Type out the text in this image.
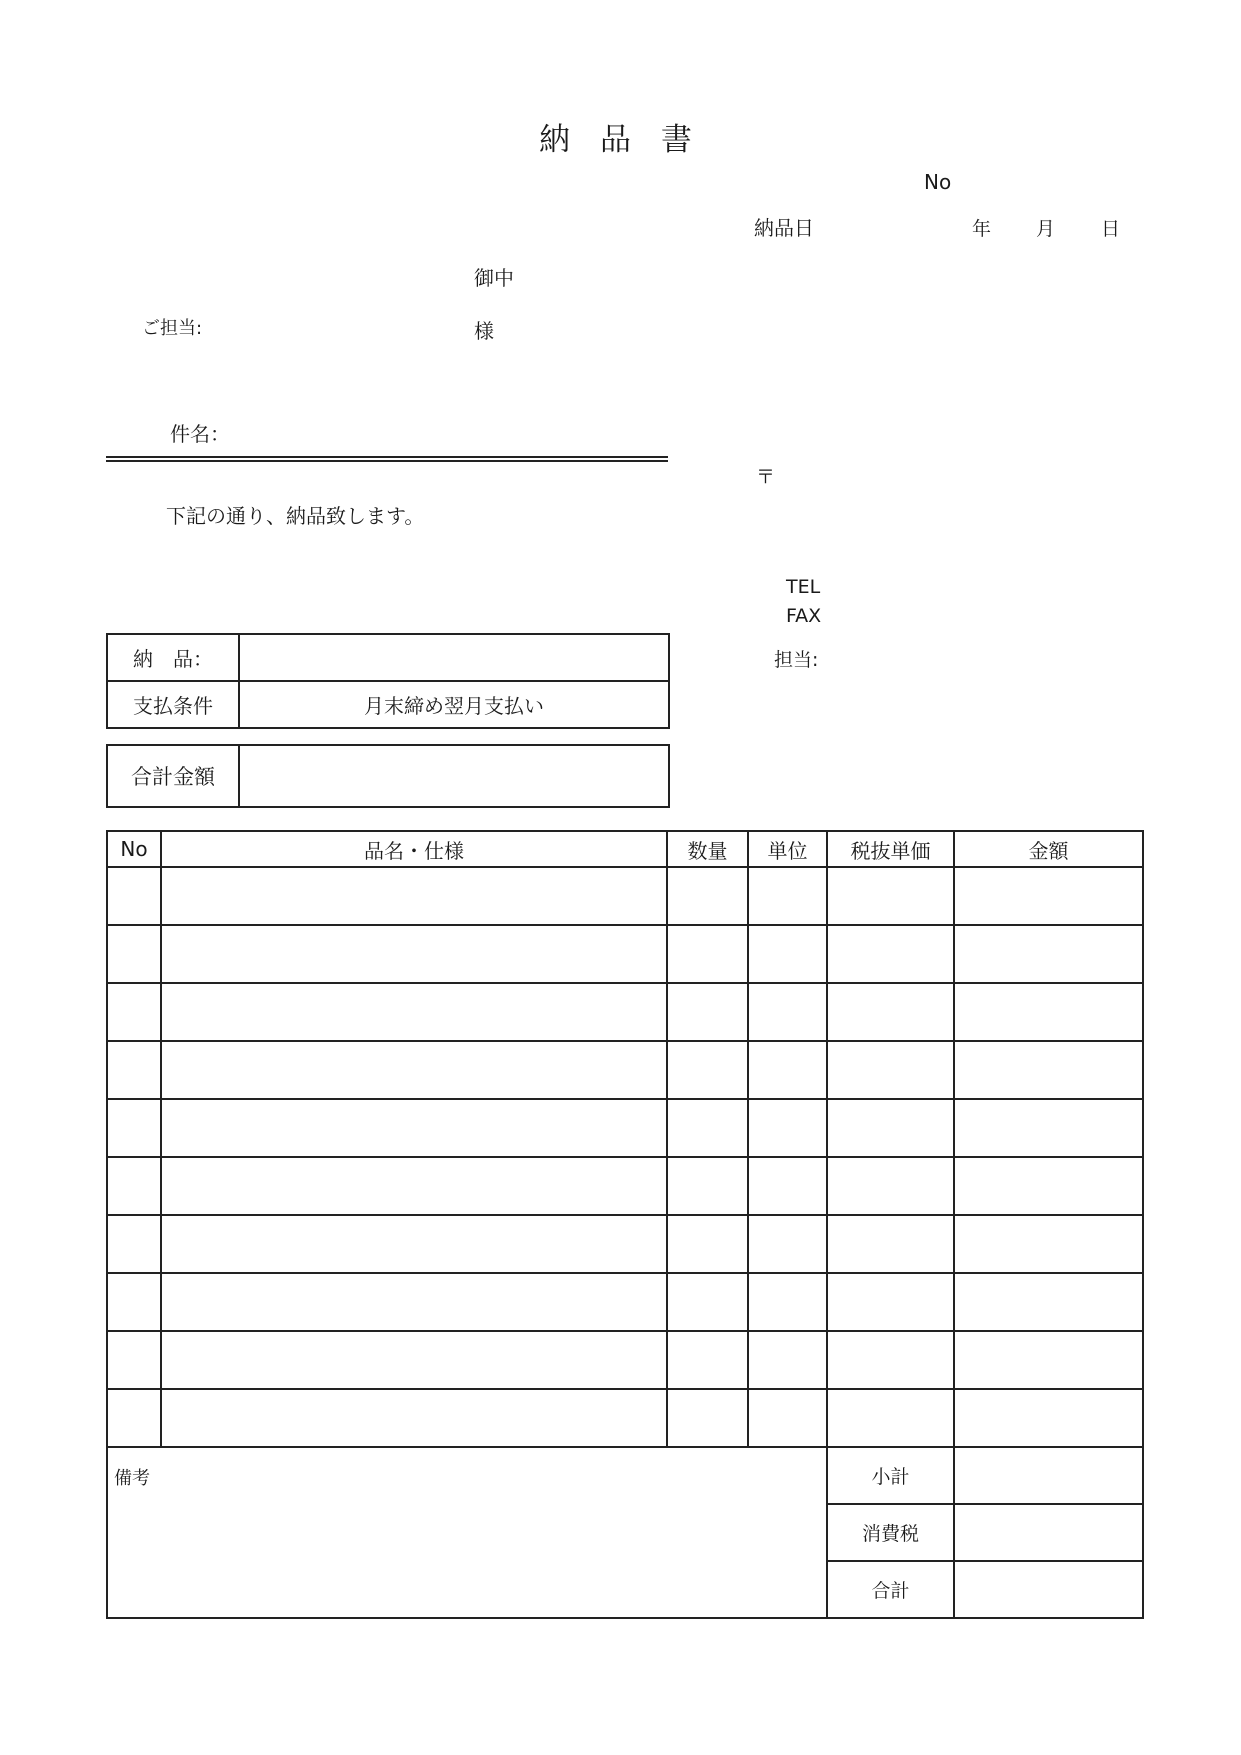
納 品 書
No
納品日	年 月 日
御中
ご担当:	様
件名：
下記の通り、納品致します。
〒
TEL
FAX
担当:
納　品：	
支払条件	月末締め翌月支払い
合計金額	
No	品名・仕様	数量	単位	税抜単価	金額

備考				小計	
				消費税	
				合計	
